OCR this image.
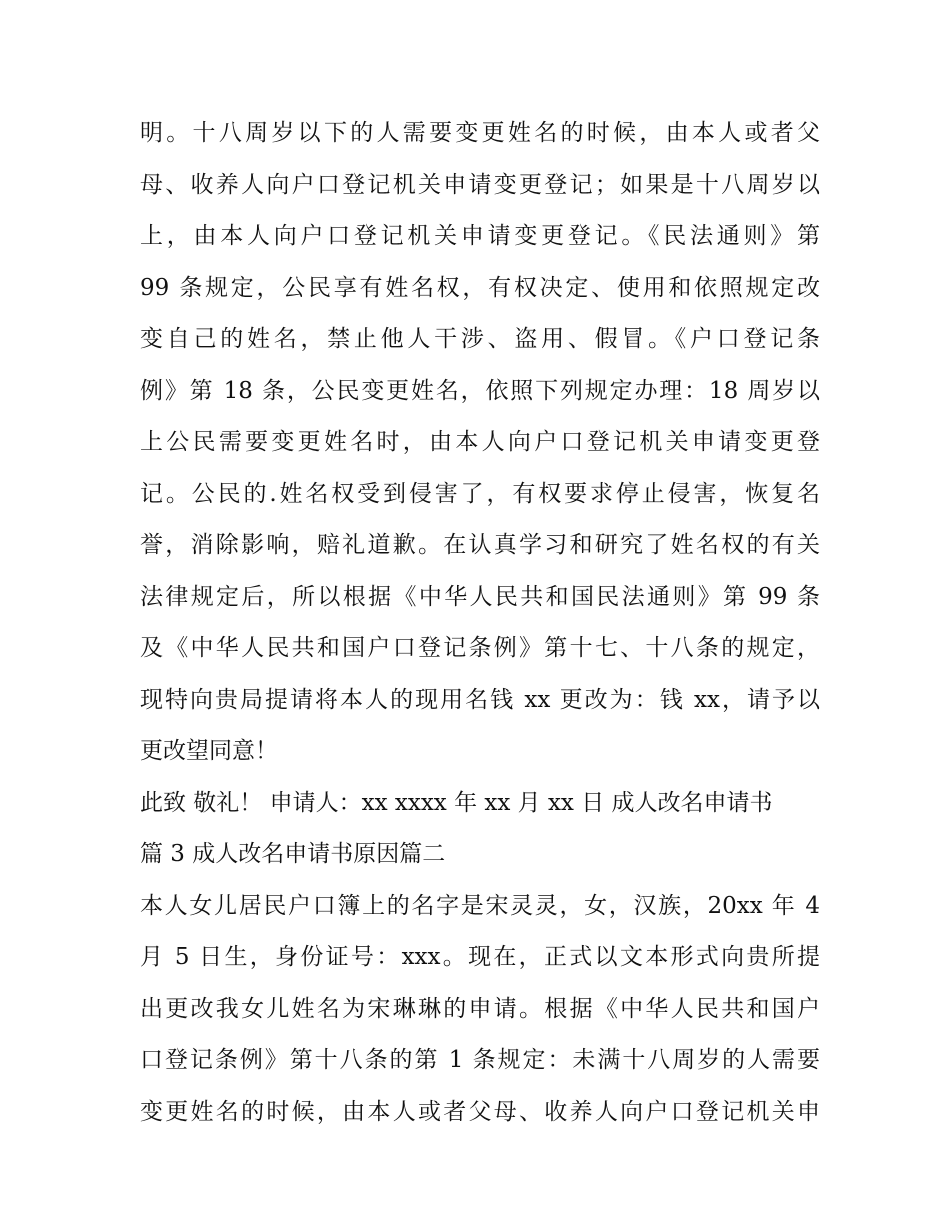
明。十八周岁以下的人需要变更姓名的时候，由本人或者父
母、收养人向户口登记机关申请变更登记；如果是十八周岁以
上，由本人向户口登记机关申请变更登记。《民法通则》第
99 条规定，公民享有姓名权，有权决定、使用和依照规定改
变自己的姓名，禁止他人干涉、盗用、假冒。《户口登记条
例》第 18 条，公民变更姓名，依照下列规定办理：18 周岁以
上公民需要变更姓名时，由本人向户口登记机关申请变更登
记。公民的.姓名权受到侵害了，有权要求停止侵害，恢复名
誉，消除影响，赔礼道歉。在认真学习和研究了姓名权的有关
法律规定后，所以根据《中华人民共和国民法通则》第 99 条
及《中华人民共和国户口登记条例》第十七、十八条的规定，
现特向贵局提请将本人的现用名钱 xx 更改为：钱 xx，请予以
更改望同意！
此致 敬礼！ 申请人：xx xxxx 年 xx 月 xx 日 成人改名申请书
篇 3 成人改名申请书原因篇二
本人女儿居民户口簿上的名字是宋灵灵，女，汉族，20xx 年 4
月 5 日生，身份证号：xxx。现在，正式以文本形式向贵所提
出更改我女儿姓名为宋琳琳的申请。根据《中华人民共和国户
口登记条例》第十八条的第 1 条规定：未满十八周岁的人需要
变更姓名的时候，由本人或者父母、收养人向户口登记机关申
